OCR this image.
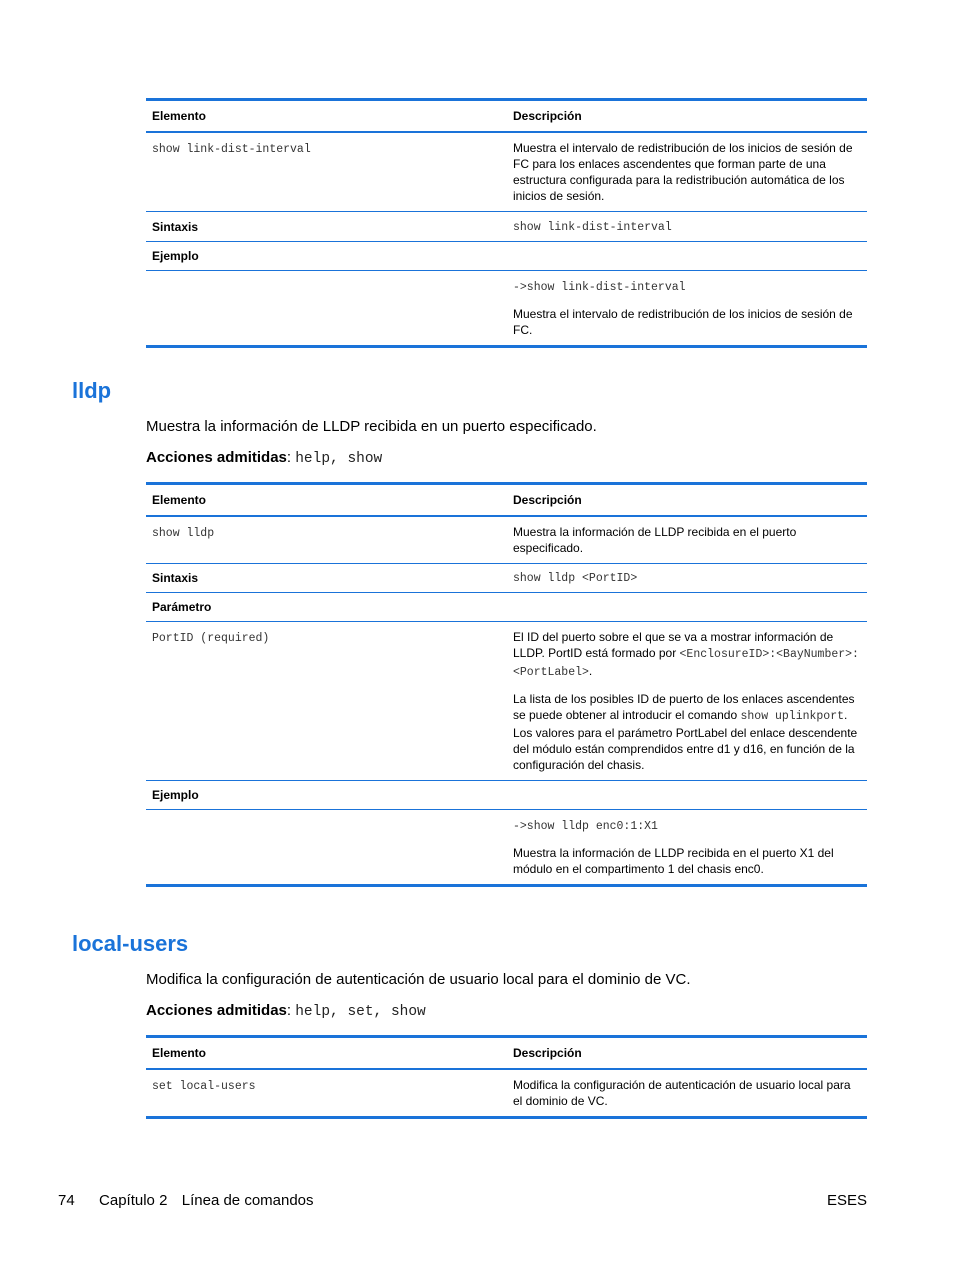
Elemento	Descripción
show link-dist-interval	Muestra el intervalo de redistribución de los inicios de sesión de FC para los enlaces ascendentes que forman parte de una estructura configurada para la redistribución automática de los inicios de sesión.
Sintaxis	show link-dist-interval
Ejemplo	

	->show link-dist-interval

Muestra el intervalo de redistribución de los inicios de sesión de FC.

lldp

Muestra la información de LLDP recibida en un puerto especificado.

Acciones admitidas: help, show

Elemento	Descripción
show lldp	Muestra la información de LLDP recibida en el puerto especificado.
Sintaxis	show lldp <PortID>
Parámetro	
PortID (required)	El ID del puerto sobre el que se va a mostrar información de LLDP. PortID está formado por <EnclosureID>:<BayNumber>:<PortLabel>.

La lista de los posibles ID de puerto de los enlaces ascendentes se puede obtener al introducir el comando show uplinkport. Los valores para el parámetro PortLabel del enlace descendente del módulo están comprendidos entre d1 y d16, en función de la configuración del chasis.

Ejemplo	

	->show lldp enc0:1:X1

Muestra la información de LLDP recibida en el puerto X1 del módulo en el compartimento 1 del chasis enc0.

local-users

Modifica la configuración de autenticación de usuario local para el dominio de VC.

Acciones admitidas: help, set, show

Elemento	Descripción
set local-users	Modifica la configuración de autenticación de usuario local para el dominio de VC.
74 Capítulo 2 Línea de comandos	ESES
